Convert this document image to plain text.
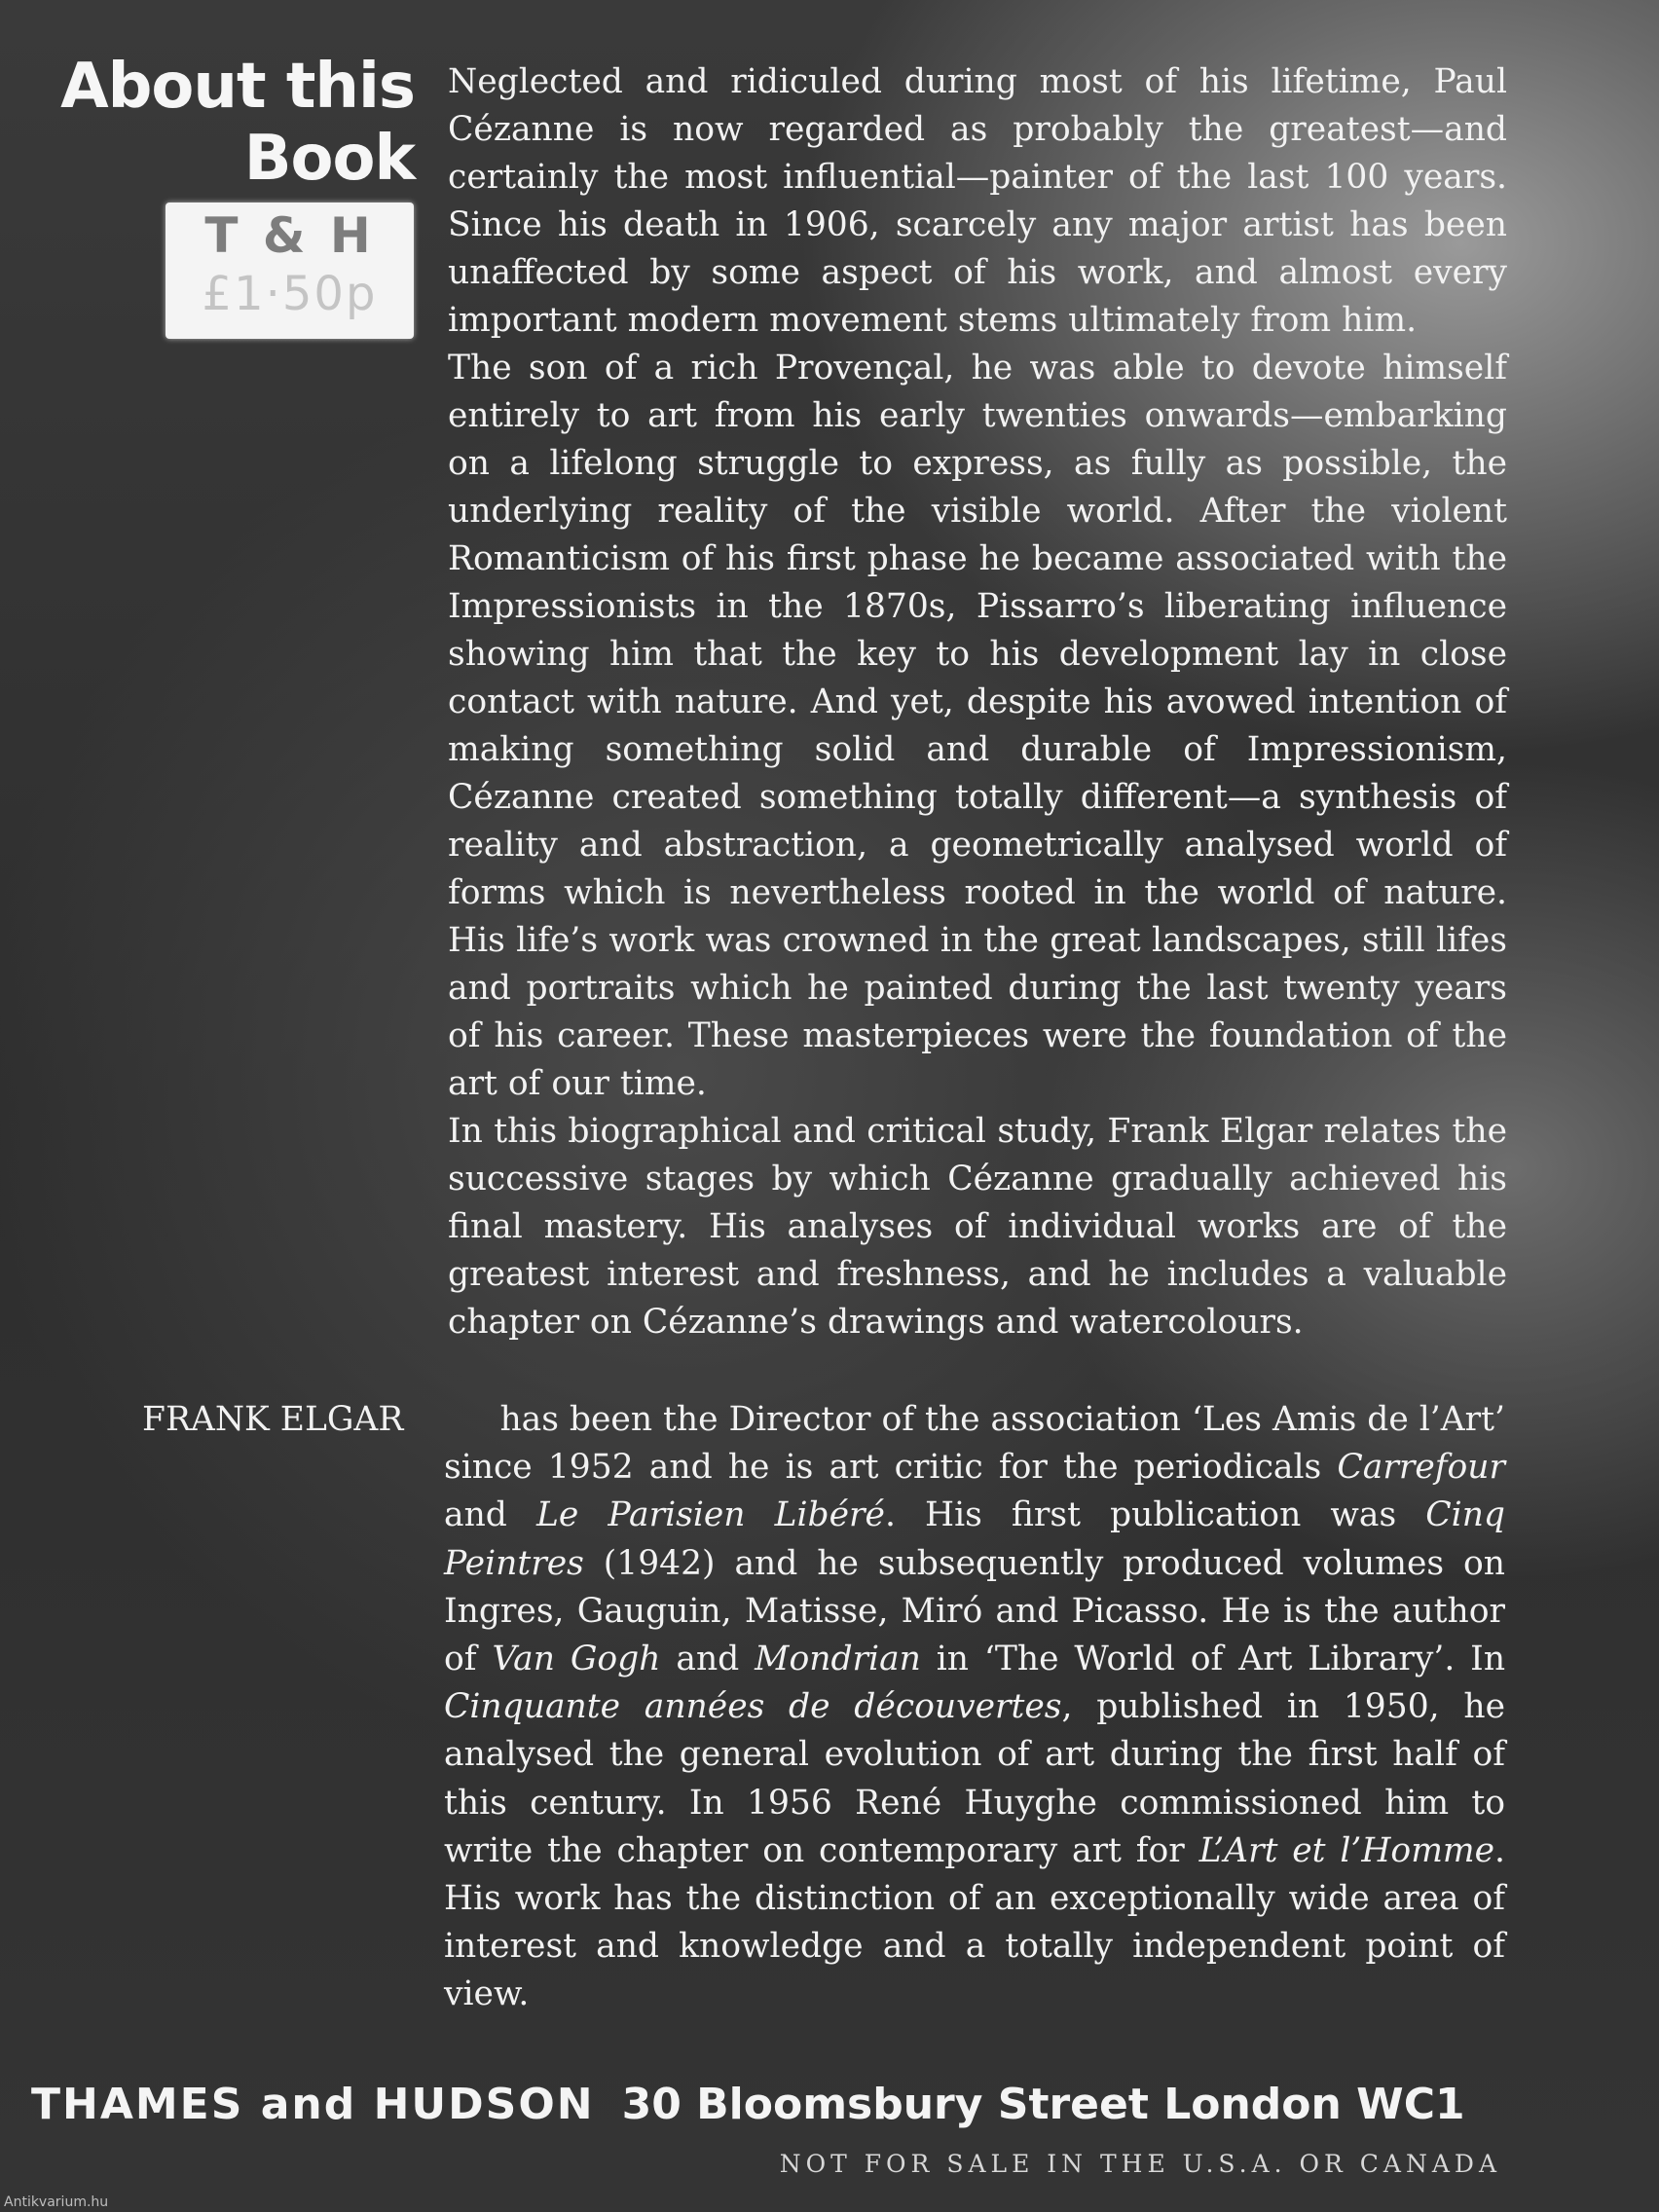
About this
Book
T & H
£1·50p

Neglected and ridiculed during most of his lifetime, Paul Cézanne is now regarded as probably the greatest—and certainly the most influential—painter of the last 100 years. Since his death in 1906, scarcely any major artist has been unaffected by some aspect of his work, and almost every important modern movement stems ultimately from him.

The son of a rich Provençal, he was able to devote himself entirely to art from his early twenties onwards—embarking on a lifelong struggle to express, as fully as possible, the underlying reality of the visible world. After the violent Romanticism of his first phase he became associated with the Impressionists in the 1870s, Pissarro’s liberating influence showing him that the key to his development lay in close contact with nature. And yet, despite his avowed intention of making something solid and durable of Impressionism, Cézanne created something totally different—a synthesis of reality and abstraction, a geometrically analysed world of forms which is nevertheless rooted in the world of nature. His life’s work was crowned in the great landscapes, still lifes and portraits which he painted during the last twenty years of his career. These masterpieces were the foundation of the art of our time.

In this biographical and critical study, Frank Elgar relates the successive stages by which Cézanne gradually achieved his final mastery. His analyses of individual works are of the greatest interest and freshness, and he includes a valuable chapter on Cézanne’s drawings and watercolours.

FRANK ELGAR	has been the Director of the association ‘Les Amis de l’Art’
since 1952 and he is art critic for the periodicals Carrefour and Le Parisien Libéré. His first publication was Cinq Peintres (1942) and he subsequently produced volumes on Ingres, Gauguin, Matisse, Miró and Picasso. He is the author of Van Gogh and Mondrian in ‘The World of Art Library’. In Cinquante années de découvertes, published in 1950, he analysed the general evolution of art during the first half of this century. In 1956 René Huyghe commissioned him to write the chapter on contemporary art for L’Art et l’Homme. His work has the distinction of an exceptionally wide area of interest and knowledge and a totally independent point of view.
THAMES and HUDSON 30 Bloomsbury Street London WC1
NOT FOR SALE IN THE U.S.A. OR CANADA
Antikvarium.hu
